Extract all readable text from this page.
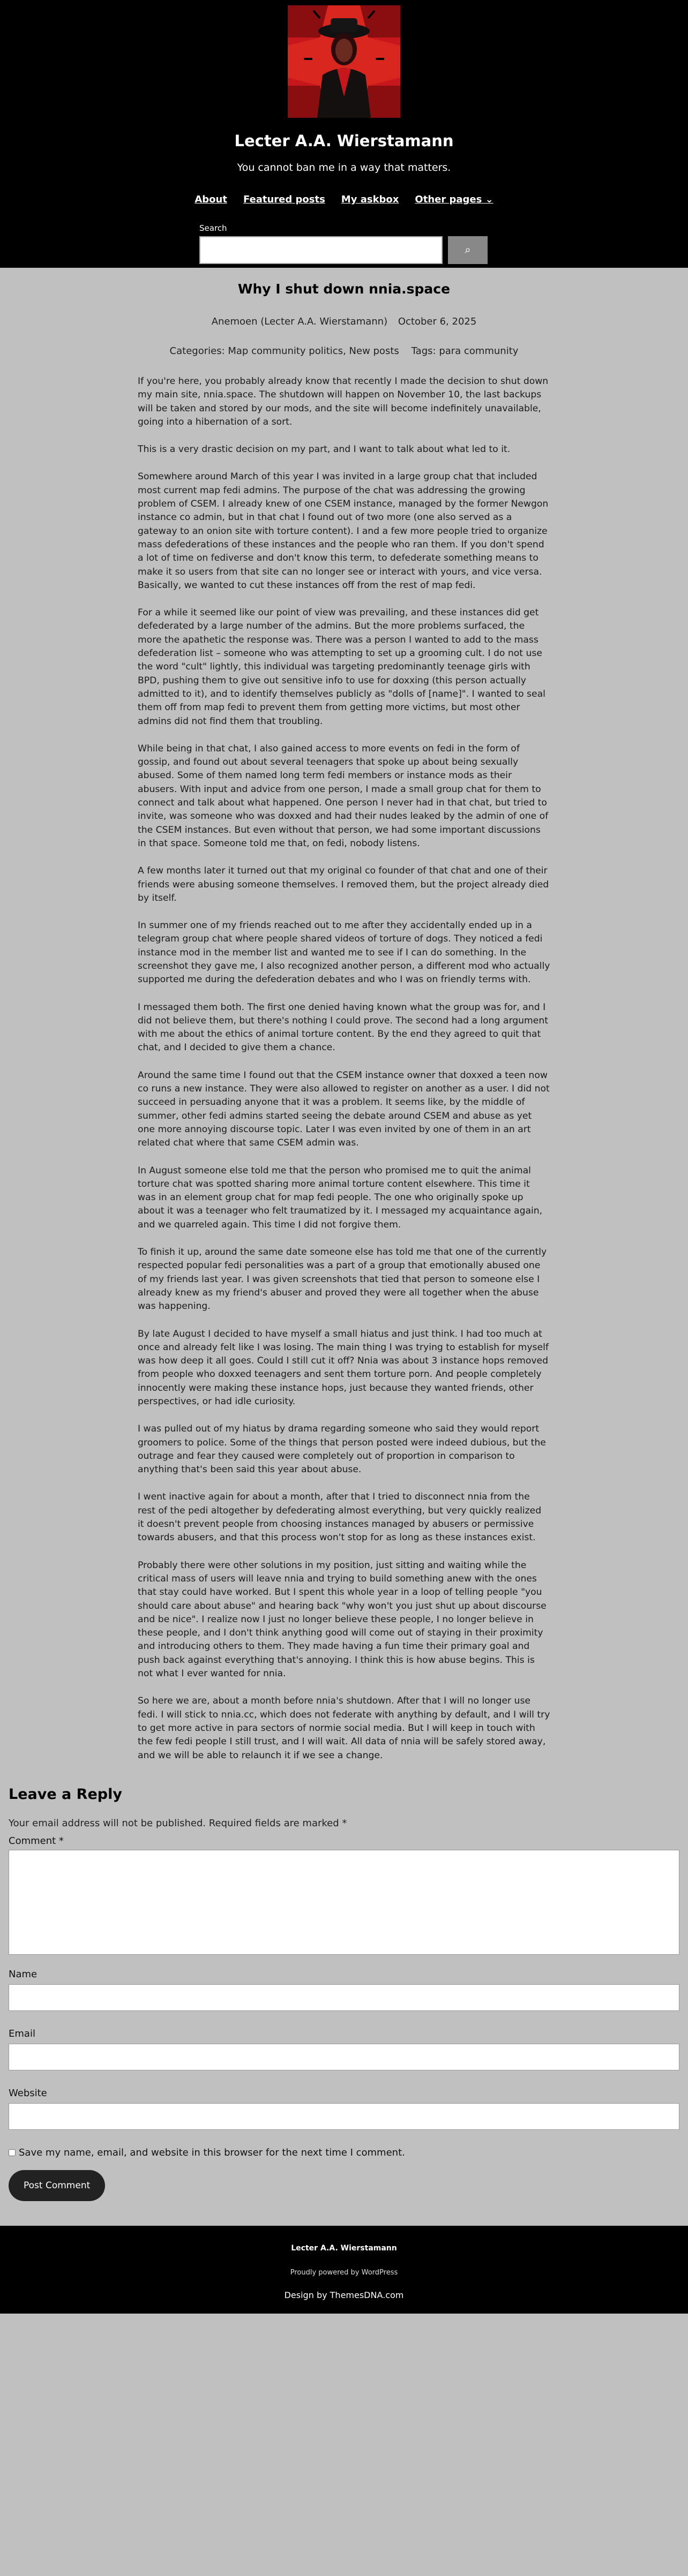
Lecter A.A. Wierstamann
You cannot ban me in a way that matters.
About Featured posts My askbox Other pages ⌄
Search
⌕
Why I shut down nnia.space
Anemoen (Lecter A.A. Wierstamann) October 6, 2025
Categories: Map community politics, New posts Tags: para community

If you're here, you probably already know that recently I made the decision to shut down my main site, nnia.space. The shutdown will happen on November 10, the last backups will be taken and stored by our mods, and the site will become indefinitely unavailable, going into a hibernation of a sort.

This is a very drastic decision on my part, and I want to talk about what led to it.

Somewhere around March of this year I was invited in a large group chat that included most current map fedi admins. The purpose of the chat was addressing the growing problem of CSEM. I already knew of one CSEM instance, managed by the former Newgon instance co admin, but in that chat I found out of two more (one also served as a gateway to an onion site with torture content). I and a few more people tried to organize mass defederations of these instances and the people who ran them. If you don't spend a lot of time on fediverse and don't know this term, to defederate something means to make it so users from that site can no longer see or interact with yours, and vice versa. Basically, we wanted to cut these instances off from the rest of map fedi.

For a while it seemed like our point of view was prevailing, and these instances did get defederated by a large number of the admins. But the more problems surfaced, the more the apathetic the response was. There was a person I wanted to add to the mass defederation list – someone who was attempting to set up a grooming cult. I do not use the word "cult" lightly, this individual was targeting predominantly teenage girls with BPD, pushing them to give out sensitive info to use for doxxing (this person actually admitted to it), and to identify themselves publicly as "dolls of [name]". I wanted to seal them off from map fedi to prevent them from getting more victims, but most other admins did not find them that troubling.

While being in that chat, I also gained access to more events on fedi in the form of gossip, and found out about several teenagers that spoke up about being sexually abused. Some of them named long term fedi members or instance mods as their abusers. With input and advice from one person, I made a small group chat for them to connect and talk about what happened. One person I never had in that chat, but tried to invite, was someone who was doxxed and had their nudes leaked by the admin of one of the CSEM instances. But even without that person, we had some important discussions in that space. Someone told me that, on fedi, nobody listens.

A few months later it turned out that my original co founder of that chat and one of their friends were abusing someone themselves. I removed them, but the project already died by itself.

In summer one of my friends reached out to me after they accidentally ended up in a telegram group chat where people shared videos of torture of dogs. They noticed a fedi instance mod in the member list and wanted me to see if I can do something. In the screenshot they gave me, I also recognized another person, a different mod who actually supported me during the defederation debates and who I was on friendly terms with.

I messaged them both. The first one denied having known what the group was for, and I did not believe them, but there's nothing I could prove. The second had a long argument with me about the ethics of animal torture content. By the end they agreed to quit that chat, and I decided to give them a chance.

Around the same time I found out that the CSEM instance owner that doxxed a teen now co runs a new instance. They were also allowed to register on another as a user. I did not succeed in persuading anyone that it was a problem. It seems like, by the middle of summer, other fedi admins started seeing the debate around CSEM and abuse as yet one more annoying discourse topic. Later I was even invited by one of them in an art related chat where that same CSEM admin was.

In August someone else told me that the person who promised me to quit the animal torture chat was spotted sharing more animal torture content elsewhere. This time it was in an element group chat for map fedi people. The one who originally spoke up about it was a teenager who felt traumatized by it. I messaged my acquaintance again, and we quarreled again. This time I did not forgive them.

To finish it up, around the same date someone else has told me that one of the currently respected popular fedi personalities was a part of a group that emotionally abused one of my friends last year. I was given screenshots that tied that person to someone else I already knew as my friend's abuser and proved they were all together when the abuse was happening.

By late August I decided to have myself a small hiatus and just think. I had too much at once and already felt like I was losing. The main thing I was trying to establish for myself was how deep it all goes. Could I still cut it off? Nnia was about 3 instance hops removed from people who doxxed teenagers and sent them torture porn. And people completely innocently were making these instance hops, just because they wanted friends, other perspectives, or had idle curiosity.

I was pulled out of my hiatus by drama regarding someone who said they would report groomers to police. Some of the things that person posted were indeed dubious, but the outrage and fear they caused were completely out of proportion in comparison to anything that's been said this year about abuse.

I went inactive again for about a month, after that I tried to disconnect nnia from the rest of the pedi altogether by defederating almost everything, but very quickly realized it doesn't prevent people from choosing instances managed by abusers or permissive towards abusers, and that this process won't stop for as long as these instances exist.

Probably there were other solutions in my position, just sitting and waiting while the critical mass of users will leave nnia and trying to build something anew with the ones that stay could have worked. But I spent this whole year in a loop of telling people "you should care about abuse" and hearing back "why won't you just shut up about discourse and be nice". I realize now I just no longer believe these people, I no longer believe in these people, and I don't think anything good will come out of staying in their proximity and introducing others to them. They made having a fun time their primary goal and push back against everything that's annoying. I think this is how abuse begins. This is not what I ever wanted for nnia.

So here we are, about a month before nnia's shutdown. After that I will no longer use fedi. I will stick to nnia.cc, which does not federate with anything by default, and I will try to get more active in para sectors of normie social media. But I will keep in touch with the few fedi people I still trust, and I will wait. All data of nnia will be safely stored away, and we will be able to relaunch it if we see a change.

Leave a Reply

Your email address will not be published. Required fields are marked *

Comment *
Name
Email
Website
Save my name, email, and website in this browser for the next time I comment.
Post Comment
Lecter A.A. Wierstamann
Proudly powered by WordPress
Design by ThemesDNA.com
